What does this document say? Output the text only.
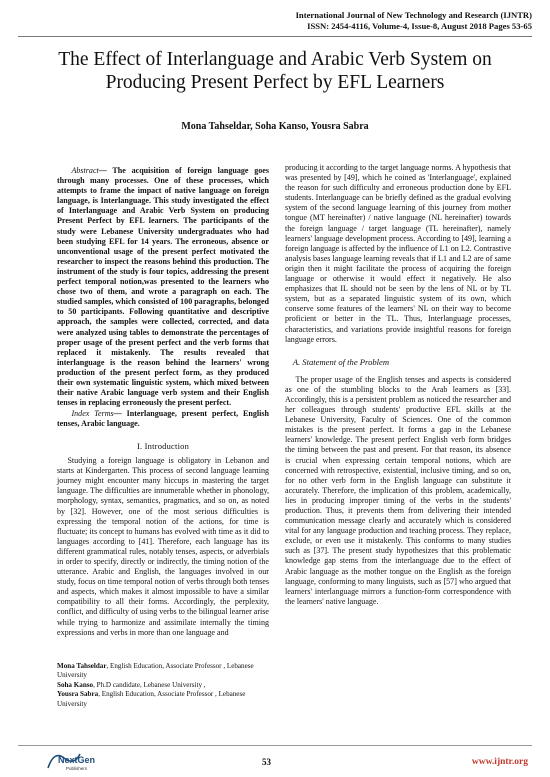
International Journal of New Technology and Research (IJNTR)
ISSN: 2454-4116, Volume-4, Issue-8, August 2018 Pages 53-65
The Effect of Interlanguage and Arabic Verb System on Producing Present Perfect by EFL Learners
Mona Tahseldar, Soha Kanso, Yousra Sabra

Abstract— The acquisition of foreign language goes through many processes. One of these processes, which attempts to frame the impact of native language on foreign language, is Interlanguage. This study investigated the effect of Interlanguage and Arabic Verb System on producing Present Perfect by EFL learners. The participants of the study were Lebanese University undergraduates who had been studying EFL for 14 years. The erroneous, absence or unconventional usage of the present perfect motivated the researcher to inspect the reasons behind this production. The instrument of the study is four topics, addressing the present perfect temporal notion,was presented to the learners who chose two of them, and wrote a paragraph on each. The studied samples, which consisted of 100 paragraphs, belonged to 50 participants. Following quantitative and descriptive approach, the samples were collected, corrected, and data were analyzed using tables to demonstrate the percentages of proper usage of the present perfect and the verb forms that replaced it mistakenly. The results revealed that interlanguage is the reason behind the learners' wrong production of the present perfect form, as they produced their own systematic linguistic system, which mixed between their native Arabic language verb system and their English tenses in replacing erroneously the present perfect.

Index Terms— Interlanguage, present perfect, English tenses, Arabic language.

I. Introduction

Studying a foreign language is obligatory in Lebanon and starts at Kindergarten. This process of second language learning journey might encounter many hiccups in mastering the target language. The difficulties are innumerable whether in phonology, morphology, syntax, semantics, pragmatics, and so on, as noted by [32]. However, one of the most serious difficulties is expressing the temporal notion of the actions, for time is fluctuate; its concept to humans has evolved with time as it did to languages according to [41]. Therefore, each language has its different grammatical rules, notably tenses, aspects, or adverbials in order to specify, directly or indirectly, the timing notion of the utterance. Arabic and English, the languages involved in our study, focus on time temporal notion of verbs through both tenses and aspects, which makes it almost impossible to have a similar compatibility to all their forms. Accordingly, the perplexity, conflict, and difficulty of using verbs to the bilingual learner arise while trying to harmonize and assimilate internally the timing expressions and verbs in more than one language and

Mona Tahseldar, English Education, Associate Professor , Lebanese University

Soha Kanso, Ph.D candidate, Lebanese University ,

Yousra Sabra, English Education, Associate Professor , Lebanese University

producing it according to the target language norms. A hypothesis that was presented by [49], which he coined as 'Interlanguage', explained the reason for such difficulty and erroneous production done by EFL students. Interlanguage can be briefly defined as the gradual evolving system of the second language learning of this journey from mother tongue (MT hereinafter) / native language (NL hereinafter) towards the foreign language / target language (TL hereinafter), namely learners' language development process. According to [49], learning a foreign language is affected by the influence of L1 on L2. Contrastive analysis bases language learning reveals that if L1 and L2 are of same origin then it might facilitate the process of acquiring the foreign language or otherwise it would effect it negatively. He also emphasizes that IL should not be seen by the lens of NL or by TL system, but as a separated linguistic system of its own, which conserve some features of the learners' NL on their way to become proficient or better in the TL. Thus, Interlanguage processes, characteristics, and variations provide insightful reasons for foreign language errors.

A. Statement of the Problem

The proper usage of the English tenses and aspects is considered as one of the stumbling blocks to the Arab learners as [33]. Accordingly, this is a persistent problem as noticed the researcher and her colleagues through students' productive EFL skills at the Lebanese University, Faculty of Sciences. One of the common mistakes is the present perfect. It forms a gap in the Lebanese learners' knowledge. The present perfect English verb form bridges the timing between the past and present. For that reason, its absence is crucial when expressing certain temporal notions, which are concerned with retrospective, existential, inclusive timing, and so on, for no other verb form in the English language can substitute it accurately. Therefore, the implication of this problem, academically, lies in producing improper timing of the verbs in the students' production. Thus, it prevents them from delivering their intended communication message clearly and accurately which is considered vital for any language production and teaching process. They replace, exclude, or even use it mistakenly. This conforms to many studies such as [37]. The present study hypothesizes that this problematic knowledge gap stems from the interlanguage due to the effect of Arabic language as the mother tongue on the English as the foreign language, conforming to many linguists, such as [57] who argued that learners' interlanguage mirrors a function-form correspondence with the learners' native language.

NextGen
Publishers
53	www.ijntr.org
